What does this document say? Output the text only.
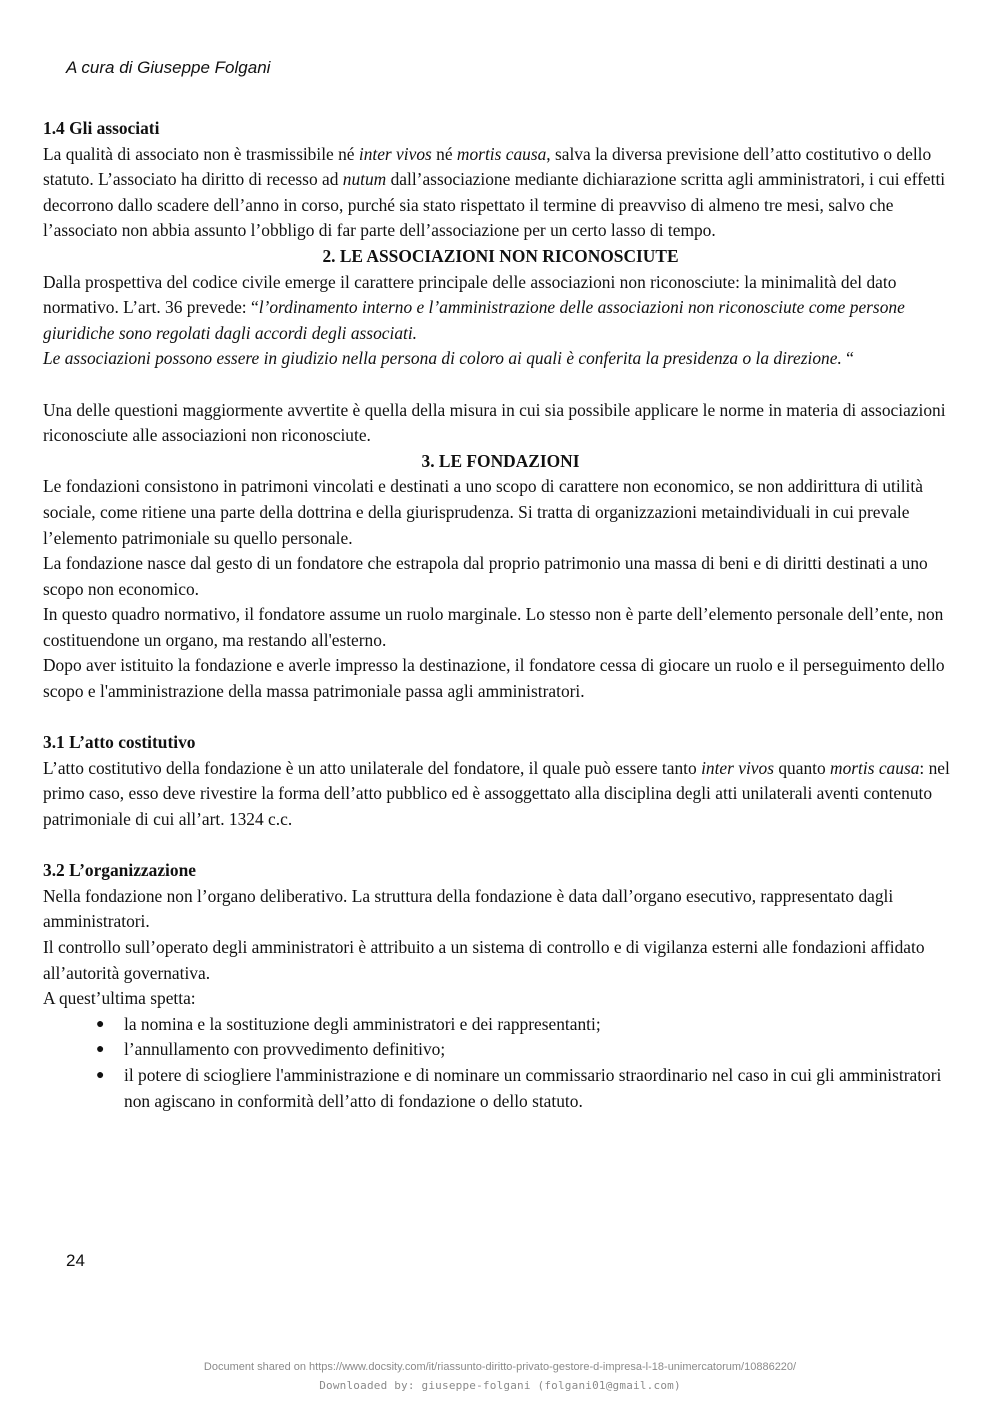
A cura di Giuseppe Folgani

1.4 Gli associati

La qualità di associato non è trasmissibile né inter vivos né mortis causa, salva la diversa previsione dell’atto costitutivo o dello statuto. L’associato ha diritto di recesso ad nutum dall’associazione mediante dichiarazione scritta agli amministratori, i cui effetti decorrono dallo scadere dell’anno in corso, purché sia stato rispettato il termine di preavviso di almeno tre mesi, salvo che l’associato non abbia assunto l’obbligo di far parte dell’associazione per un certo lasso di tempo.

2. LE ASSOCIAZIONI NON RICONOSCIUTE

Dalla prospettiva del codice civile emerge il carattere principale delle associazioni non riconosciute: la minimalità del dato normativo. L’art. 36 prevede: “l’ordinamento interno e l’amministrazione delle associazioni non riconosciute come persone giuridiche sono regolati dagli accordi degli associati.

Le associazioni possono essere in giudizio nella persona di coloro ai quali è conferita la presidenza o la direzione. “

Una delle questioni maggiormente avvertite è quella della misura in cui sia possibile applicare le norme in materia di associazioni riconosciute alle associazioni non riconosciute.

3. LE FONDAZIONI

Le fondazioni consistono in patrimoni vincolati e destinati a uno scopo di carattere non economico, se non addirittura di utilità sociale, come ritiene una parte della dottrina e della giurisprudenza. Si tratta di organizzazioni metaindividuali in cui prevale l’elemento patrimoniale su quello personale.

La fondazione nasce dal gesto di un fondatore che estrapola dal proprio patrimonio una massa di beni e di diritti destinati a uno scopo non economico.

In questo quadro normativo, il fondatore assume un ruolo marginale. Lo stesso non è parte dell’elemento personale dell’ente, non costituendone un organo, ma restando all'esterno.

Dopo aver istituito la fondazione e averle impresso la destinazione, il fondatore cessa di giocare un ruolo e il perseguimento dello scopo e l'amministrazione della massa patrimoniale passa agli amministratori.

3.1 L’atto costitutivo

L’atto costitutivo della fondazione è un atto unilaterale del fondatore, il quale può essere tanto inter vivos quanto mortis causa: nel primo caso, esso deve rivestire la forma dell’atto pubblico ed è assoggettato alla disciplina degli atti unilaterali aventi contenuto patrimoniale di cui all’art. 1324 c.c.

3.2 L’organizzazione

Nella fondazione non l’organo deliberativo. La struttura della fondazione è data dall’organo esecutivo, rappresentato dagli amministratori.

Il controllo sull’operato degli amministratori è attribuito a un sistema di controllo e di vigilanza esterni alle fondazioni affidato all’autorità governativa.

A quest’ultima spetta:

● la nomina e la sostituzione degli amministratori e dei rappresentanti;
● l’annullamento con provvedimento definitivo;
● il potere di sciogliere l'amministrazione e di nominare un commissario straordinario nel caso in cui gli amministratori non agiscano in conformità dell’atto di fondazione o dello statuto.
24
Document shared on https://www.docsity.com/it/riassunto-diritto-privato-gestore-d-impresa-l-18-unimercatorum/10886220/
Downloaded by: giuseppe-folgani (folgani01@gmail.com)
